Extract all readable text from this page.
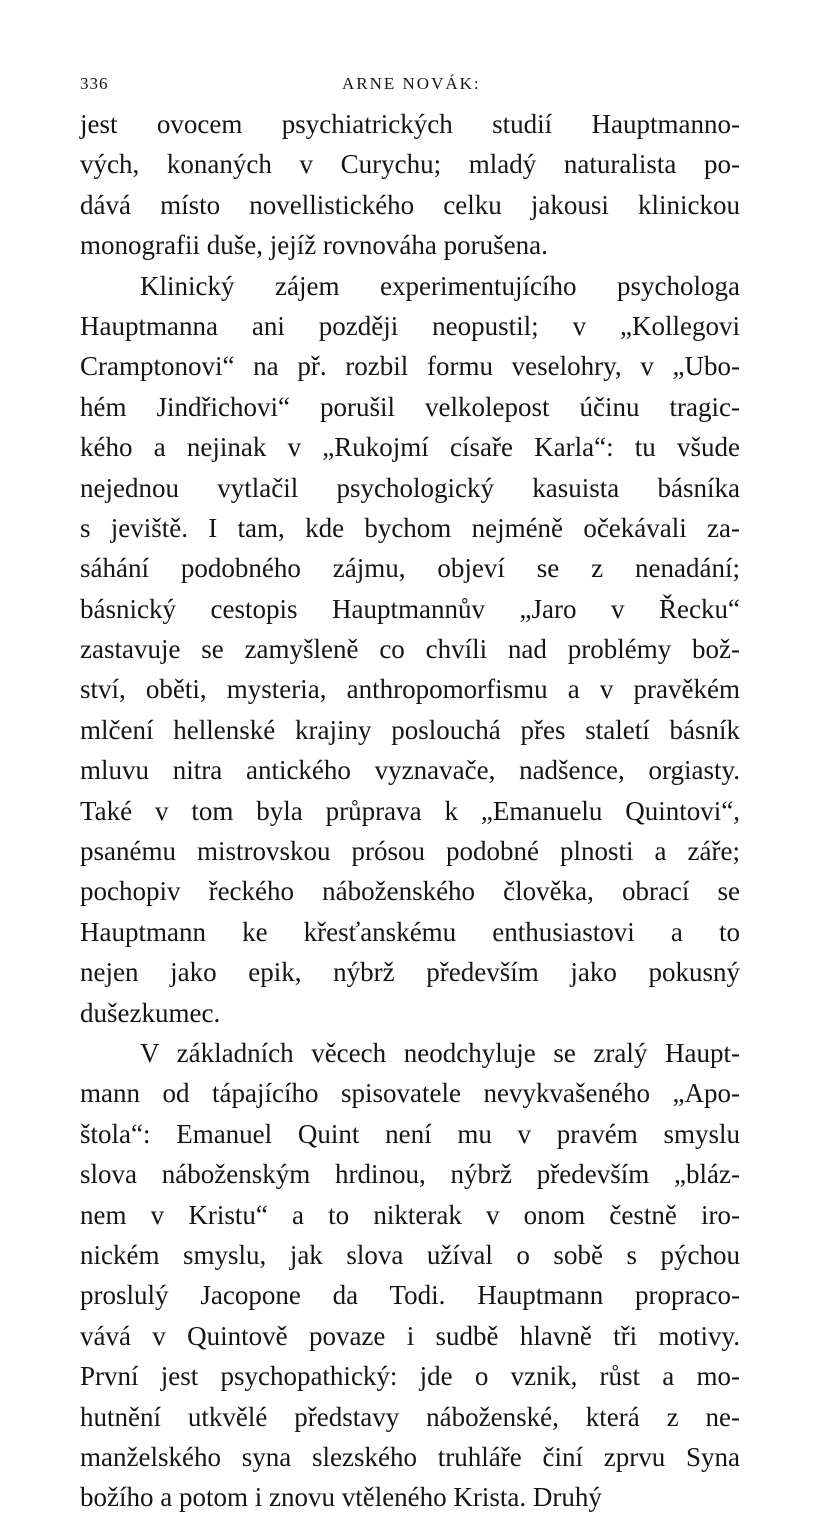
336	ARNE NOVÁK:
jest ovocem psychiatrických studií Hauptmanno-
vých, konaných v Curychu; mladý naturalista po-
dává místo novellistického celku jakousi klinickou
monografii duše, jejíž rovnováha porušena.
Klinický zájem experimentujícího psychologa
Hauptmanna ani později neopustil; v „Kollegovi
Cramptonovi“ na př. rozbil formu veselohry, v „Ubo-
hém Jindřichovi“ porušil velkolepost účinu tragic-
kého a nejinak v „Rukojmí císaře Karla“: tu všude
nejednou vytlačil psychologický kasuista básníka
s jeviště. I tam, kde bychom nejméně očekávali za-
sáhání podobného zájmu, objeví se z nenadání;
básnický cestopis Hauptmannův „Jaro v Řecku“
zastavuje se zamyšleně co chvíli nad problémy bož-
ství, oběti, mysteria, anthropomorfismu a v pravěkém
mlčení hellenské krajiny poslouchá přes staletí básník
mluvu nitra antického vyznavače, nadšence, orgiasty.
Také v tom byla průprava k „Emanuelu Quintovi“,
psanému mistrovskou prósou podobné plnosti a záře;
pochopiv řeckého náboženského člověka, obrací se
Hauptmann ke křesťanskému enthusiastovi a to
nejen jako epik, nýbrž především jako pokusný
dušezkumec.
V základních věcech neodchyluje se zralý Haupt-
mann od tápajícího spisovatele nevykvašeného „Apo-
štola“: Emanuel Quint není mu v pravém smyslu
slova náboženským hrdinou, nýbrž především „bláz-
nem v Kristu“ a to nikterak v onom čestně iro-
nickém smyslu, jak slova užíval o sobě s pýchou
proslulý Jacopone da Todi. Hauptmann propraco-
vává v Quintově povaze i sudbě hlavně tři motivy.
První jest psychopathický: jde o vznik, růst a mo-
hutnění utkvělé představy náboženské, která z ne-
manželského syna slezského truhláře činí zprvu Syna
božího a potom i znovu vtěleného Krista. Druhý
